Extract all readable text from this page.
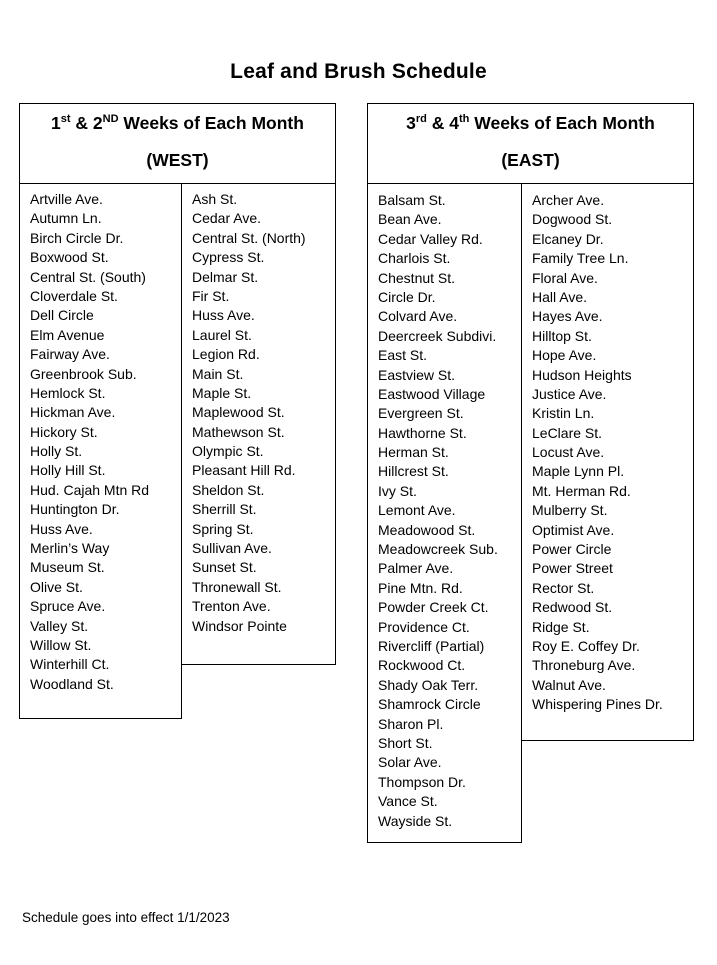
Leaf and Brush Schedule
1st & 2ND Weeks of Each Month
(WEST)
3rd & 4th Weeks of Each Month
(EAST)
Artville Ave.
Autumn Ln.
Birch Circle Dr.
Boxwood St.
Central St. (South)
Cloverdale St.
Dell Circle
Elm Avenue
Fairway Ave.
Greenbrook Sub.
Hemlock St.
Hickman Ave.
Hickory St.
Holly St.
Holly Hill St.
Hud. Cajah Mtn Rd
Huntington Dr.
Huss Ave.
Merlin’s Way
Museum St.
Olive St.
Spruce Ave.
Valley St.
Willow St.
Winterhill Ct.
Woodland St.
Ash St.
Cedar Ave.
Central St. (North)
Cypress St.
Delmar St.
Fir St.
Huss Ave.
Laurel St.
Legion Rd.
Main St.
Maple St.
Maplewood St.
Mathewson St.
Olympic St.
Pleasant Hill Rd.
Sheldon St.
Sherrill St.
Spring St.
Sullivan Ave.
Sunset St.
Thronewall St.
Trenton Ave.
Windsor Pointe
Balsam St.
Bean Ave.
Cedar Valley Rd.
Charlois St.
Chestnut St.
Circle Dr.
Colvard Ave.
Deercreek Subdivi.
East St.
Eastview St.
Eastwood Village
Evergreen St.
Hawthorne St.
Herman St.
Hillcrest St.
Ivy St.
Lemont Ave.
Meadowood St.
Meadowcreek Sub.
Palmer Ave.
Pine Mtn. Rd.
Powder Creek Ct.
Providence Ct.
Rivercliff (Partial)
Rockwood Ct.
Shady Oak Terr.
Shamrock Circle
Sharon Pl.
Short St.
Solar Ave.
Thompson Dr.
Vance St.
Wayside St.
Archer Ave.
Dogwood St.
Elcaney Dr.
Family Tree Ln.
Floral Ave.
Hall Ave.
Hayes Ave.
Hilltop St.
Hope Ave.
Hudson Heights
Justice Ave.
Kristin Ln.
LeClare St.
Locust Ave.
Maple Lynn Pl.
Mt. Herman Rd.
Mulberry St.
Optimist Ave.
Power Circle
Power Street
Rector St.
Redwood St.
Ridge St.
Roy E. Coffey Dr.
Throneburg Ave.
Walnut Ave.
Whispering Pines Dr.
Schedule goes into effect 1/1/2023
